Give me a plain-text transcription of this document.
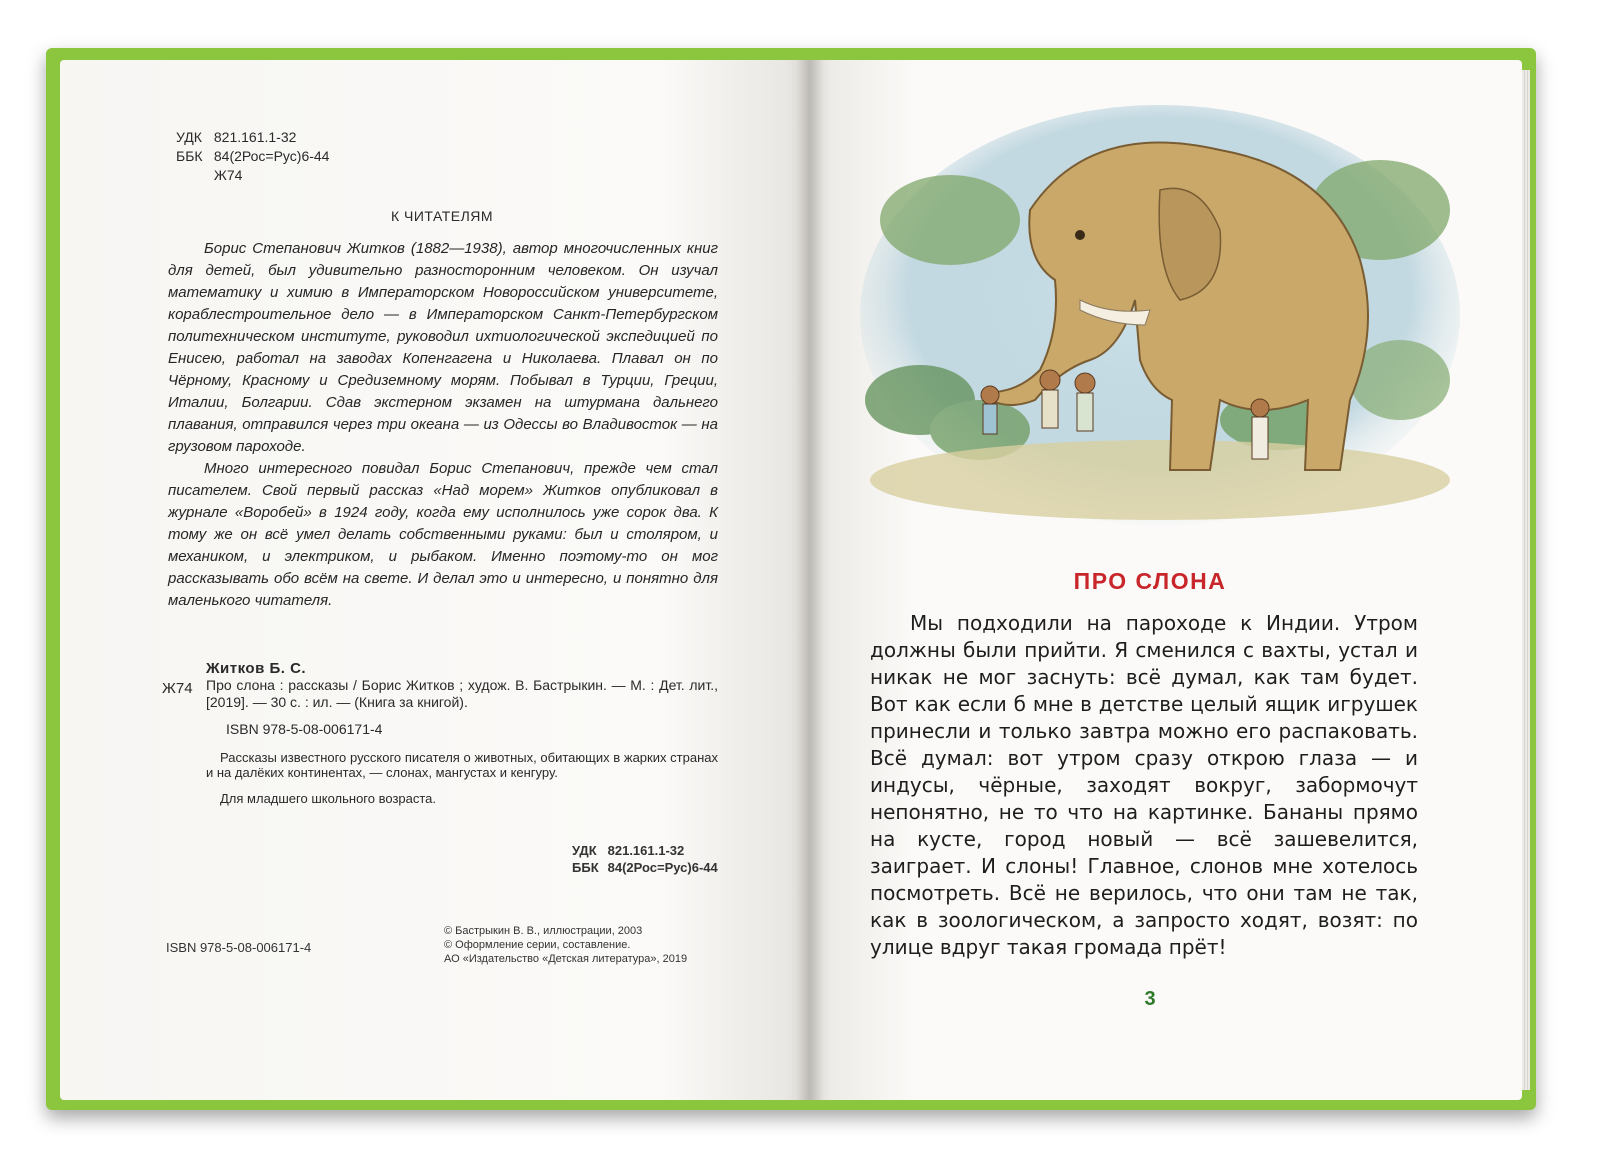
УДК
821.161.1-32
ББК
84(2Рос=Рус)6-44

Ж74
К ЧИТАТЕЛЯМ

Борис Степанович Житков (1882—1938), автор многочисленных книг для детей, был удивительно разносторонним человеком. Он изучал математику и химию в Императорском Новороссийском университете, кораблестроительное дело — в Императорском Санкт-Петербургском политехническом институте, руководил ихтиологической экспедицией по Енисею, работал на заводах Копенгагена и Николаева. Плавал он по Чёрному, Красному и Средиземному морям. Побывал в Турции, Греции, Италии, Болгарии. Сдав экстерном экзамен на штурмана дальнего плавания, отправился через три океана — из Одессы во Владивосток — на грузовом пароходе.

Много интересного повидал Борис Степанович, прежде чем стал писателем. Свой первый рассказ «Над морем» Житков опубликовал в журнале «Воробей» в 1924 году, когда ему исполнилось уже сорок два. К тому же он всё умел делать собственными руками: был и столяром, и механиком, и электриком, и рыбаком. Именно поэтому-то он мог рассказывать обо всём на свете. И делал это и интересно, и понятно для маленького читателя.

Житков Б. С.
Ж74 Про слона : рассказы / Борис Житков ; худож. В. Бастрыкин. — М. : Дет. лит., [2019]. — 30 с. : ил. — (Книга за книгой).
ISBN 978-5-08-006171-4
Рассказы известного русского писателя о животных, обитающих в жарких странах и на далёких континентах, — слонах, мангустах и кенгуру.
Для младшего школьного возраста.
УДК 821.161.1-32
ББК 84(2Рос=Рус)6-44
ISBN 978-5-08-006171-4
© Бастрыкин В. В., иллюстрации, 2003
© Оформление серии, составление.
АО «Издательство «Детская литература», 2019
ПРО СЛОНА

Мы подходили на пароходе к Индии. Утром должны были прийти. Я сменился с вахты, устал и никак не мог заснуть: всё думал, как там будет. Вот как если б мне в детстве целый ящик игрушек принесли и только завтра можно его распаковать. Всё думал: вот утром сразу открою глаза — и индусы, чёрные, заходят вокруг, забормочут непонятно, не то что на картинке. Бананы прямо на кусте, город новый — всё зашевелится, заиграет. И слоны! Главное, слонов мне хотелось посмотреть. Всё не верилось, что они там не так, как в зоологическом, а запросто ходят, возят: по улице вдруг такая громада прёт!

3
